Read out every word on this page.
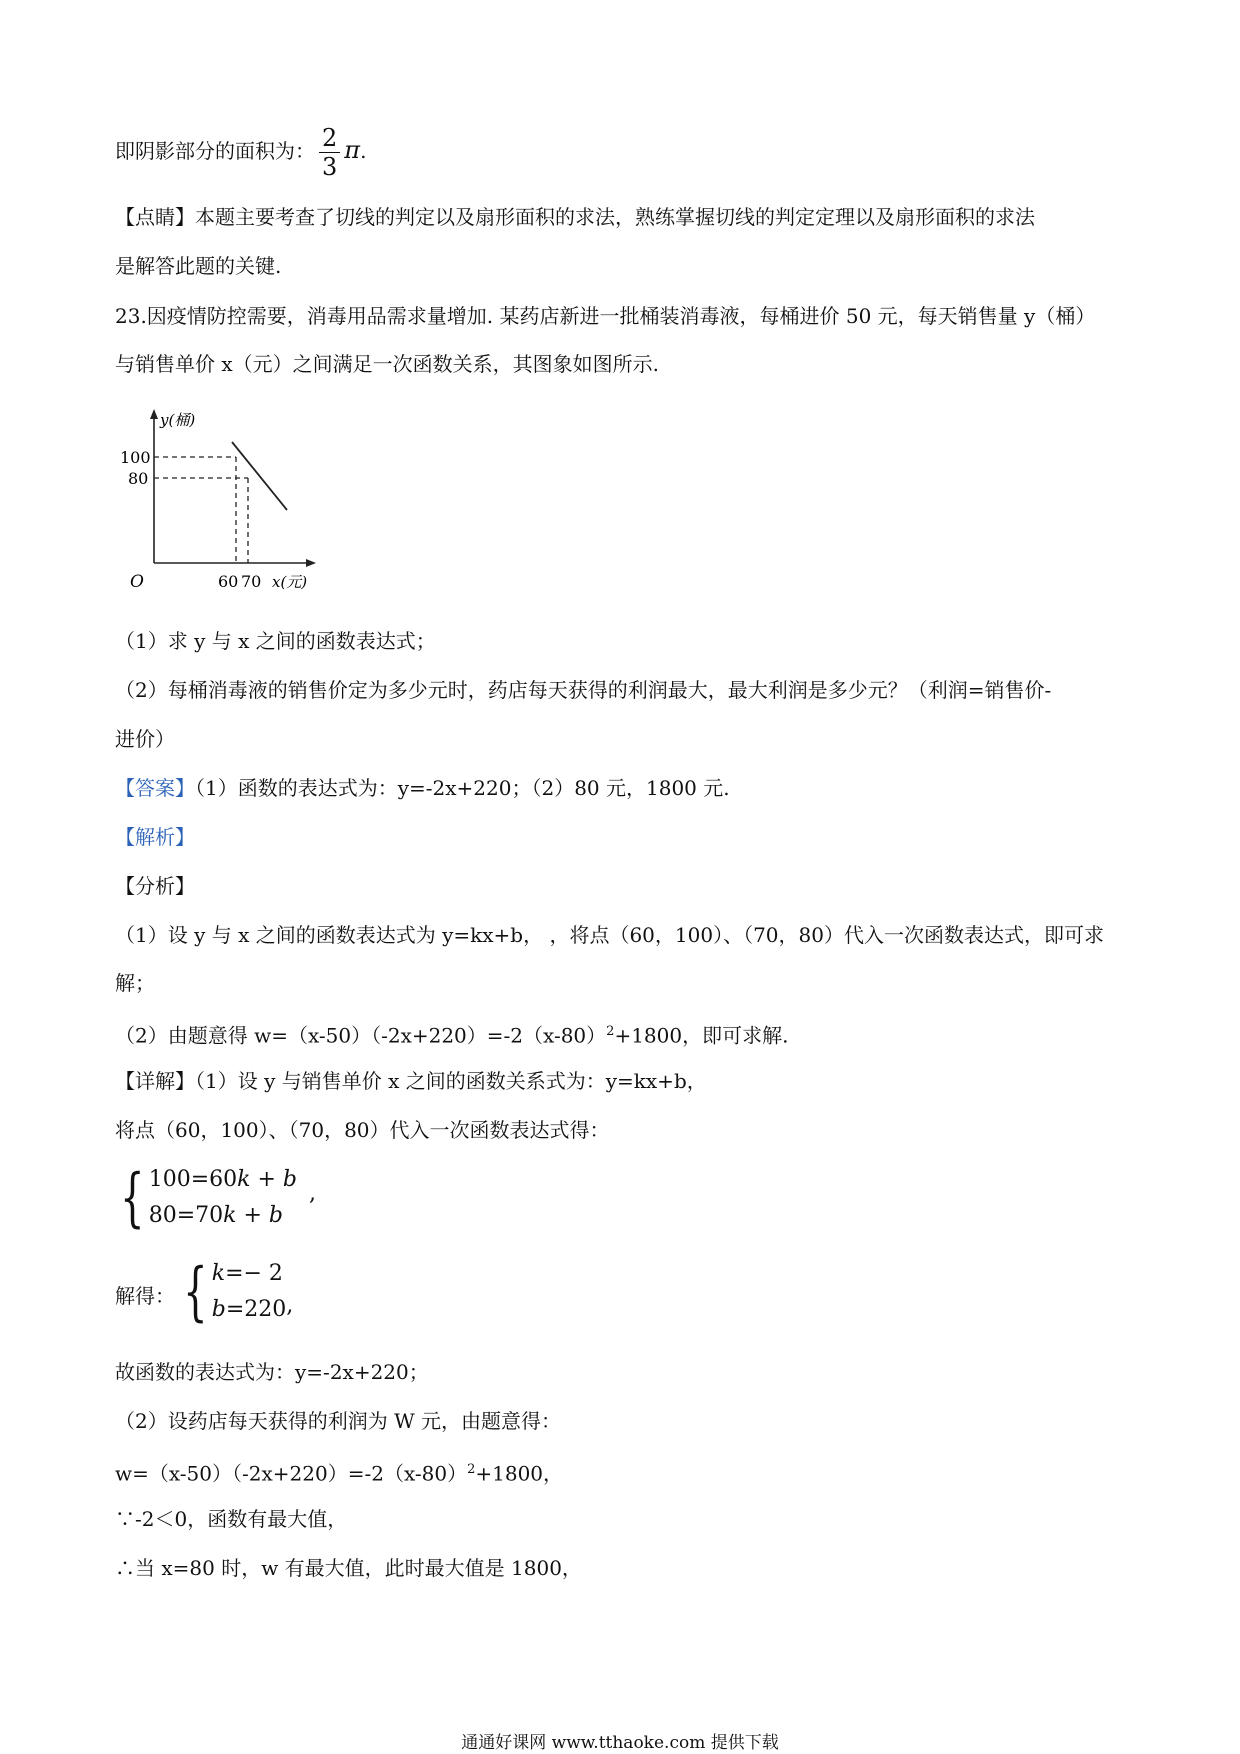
即阴影部分的面积为： $\frac{2}{3} \pi$.
【点睛】本题主要考查了切线的判定以及扇形面积的求法，熟练掌握切线的判定定理以及扇形面积的求法
是解答此题的关键.
23.因疫情防控需要，消毒用品需求量增加. 某药店新进一批桶装消毒液，每桶进价 50 元，每天销售量 y（桶）
与销售单价 x（元）之间满足一次函数关系，其图象如图所示.
y(桶)
100
80
O	60 70 x(元)
（1）求 y 与 x 之间的函数表达式；
（2）每桶消毒液的销售价定为多少元时，药店每天获得的利润最大，最大利润是多少元？（利润=销售价-
进价）
【答案】（1）函数的表达式为：y=-2x+220；（2）80 元，1800 元.
【解析】
【分析】
（1）设 y 与 x 之间的函数表达式为 y=kx+b， ，将点（60，100）、（70，80）代入一次函数表达式，即可求
解；
（2）由题意得 $w=(x-50)(-2x+220)=-2(x-80)^2+1800$，即可求解.
【详解】（1）设 y 与销售单价 x 之间的函数关系式为：y=kx+b，
将点（60，100）、（70，80）代入一次函数表达式得：
{ 100=60k + b
80=70k + b
,
解得： { k=− 2
b=220 ,
故函数的表达式为：y=-2x+220；
（2）设药店每天获得的利润为 W 元，由题意得：
$w=(x-50)(-2x+220)=-2(x-80)^2+1800$，
∵-2＜0，函数有最大值，
∴当 x=80 时，w 有最大值，此时最大值是 1800，
通通好课网 www.tthaoke.com 提供下载
